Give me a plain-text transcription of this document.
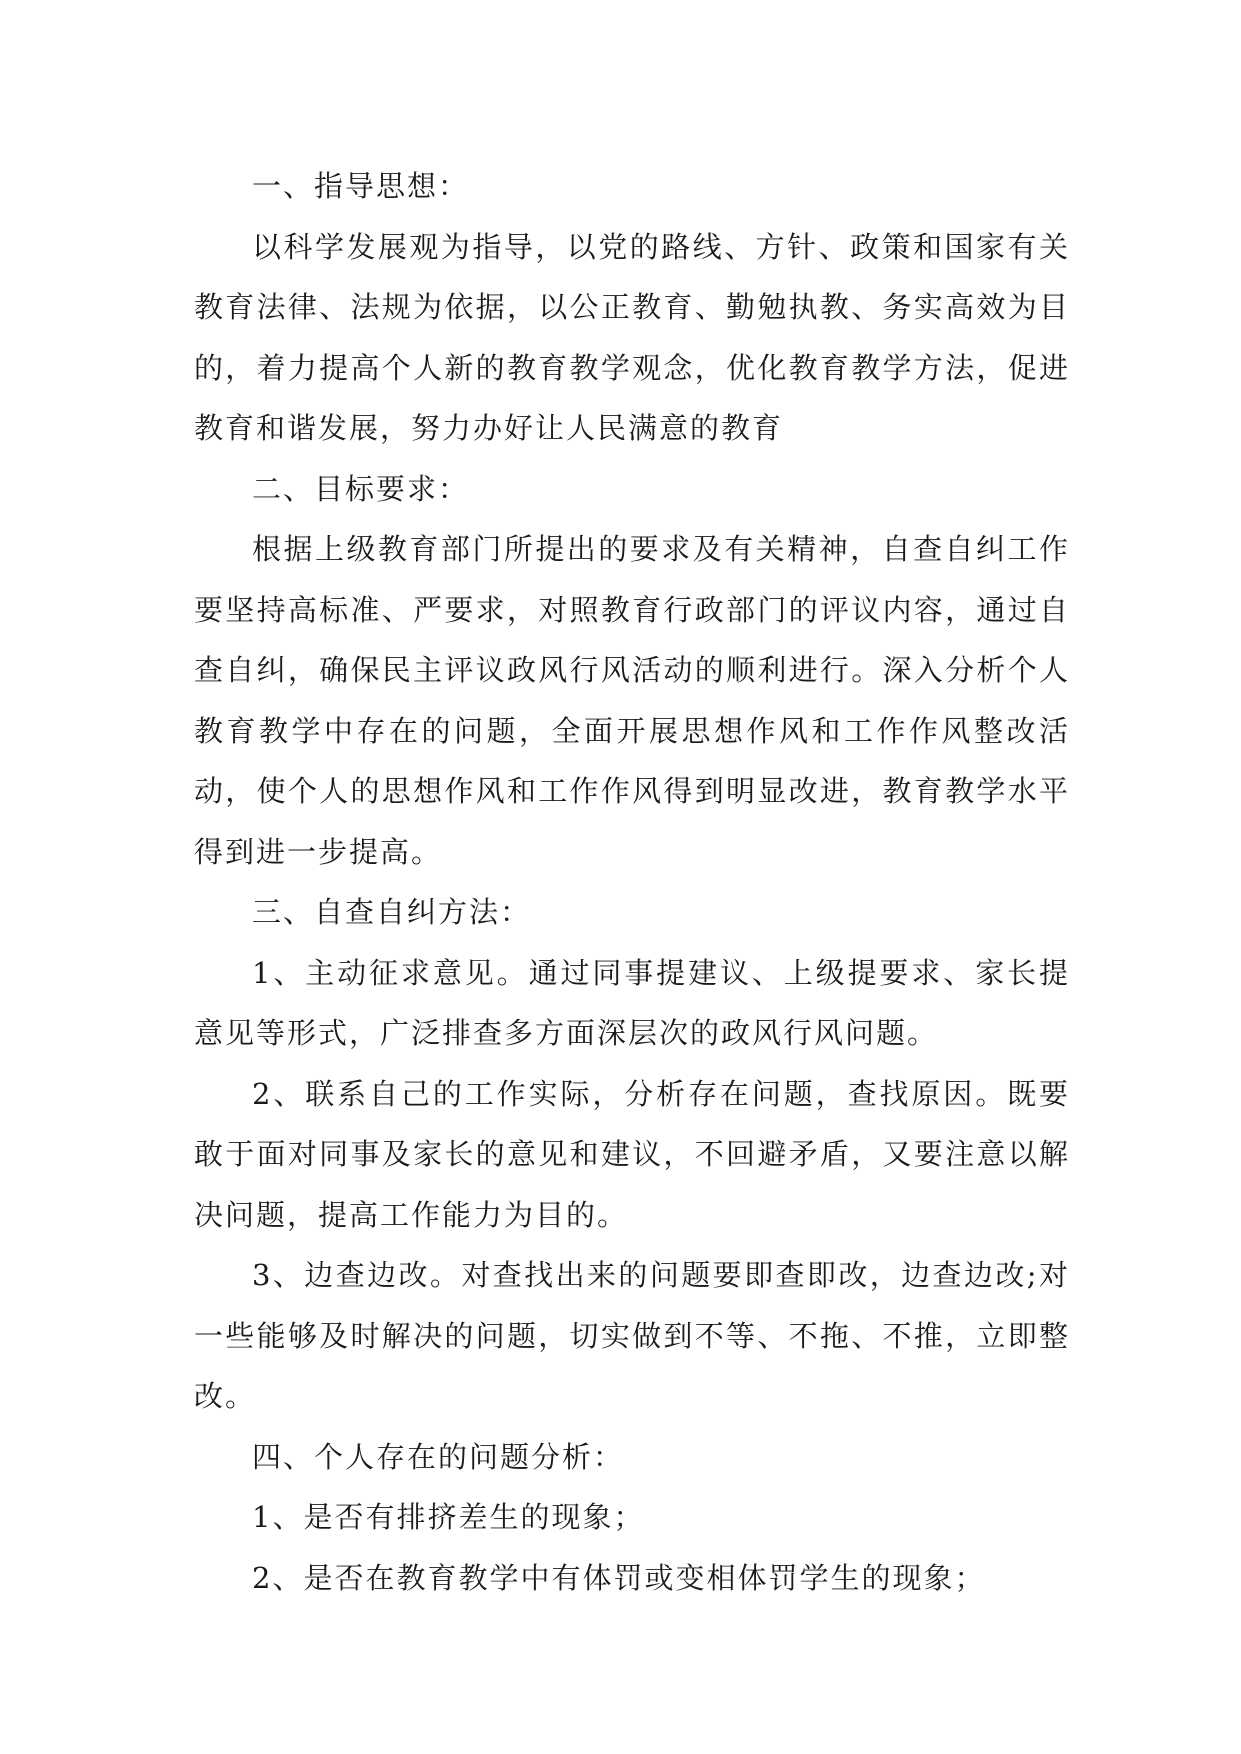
一、指导思想：

以科学发展观为指导，以党的路线、方针、政策和国家有关教育法律、法规为依据，以公正教育、勤勉执教、务实高效为目的，着力提高个人新的教育教学观念，优化教育教学方法，促进教育和谐发展，努力办好让人民满意的教育

二、目标要求：

根据上级教育部门所提出的要求及有关精神，自查自纠工作要坚持高标准、严要求，对照教育行政部门的评议内容，通过自查自纠，确保民主评议政风行风活动的顺利进行。深入分析个人教育教学中存在的问题，全面开展思想作风和工作作风整改活动，使个人的思想作风和工作作风得到明显改进，教育教学水平得到进一步提高。

三、自查自纠方法：

1、主动征求意见。通过同事提建议、上级提要求、家长提意见等形式，广泛排查多方面深层次的政风行风问题。

2、联系自己的工作实际，分析存在问题，查找原因。既要敢于面对同事及家长的意见和建议，不回避矛盾，又要注意以解决问题，提高工作能力为目的。

3、边查边改。对查找出来的问题要即查即改，边查边改;对一些能够及时解决的问题，切实做到不等、不拖、不推，立即整改。

四、个人存在的问题分析：

1、是否有排挤差生的现象；

2、是否在教育教学中有体罚或变相体罚学生的现象；
